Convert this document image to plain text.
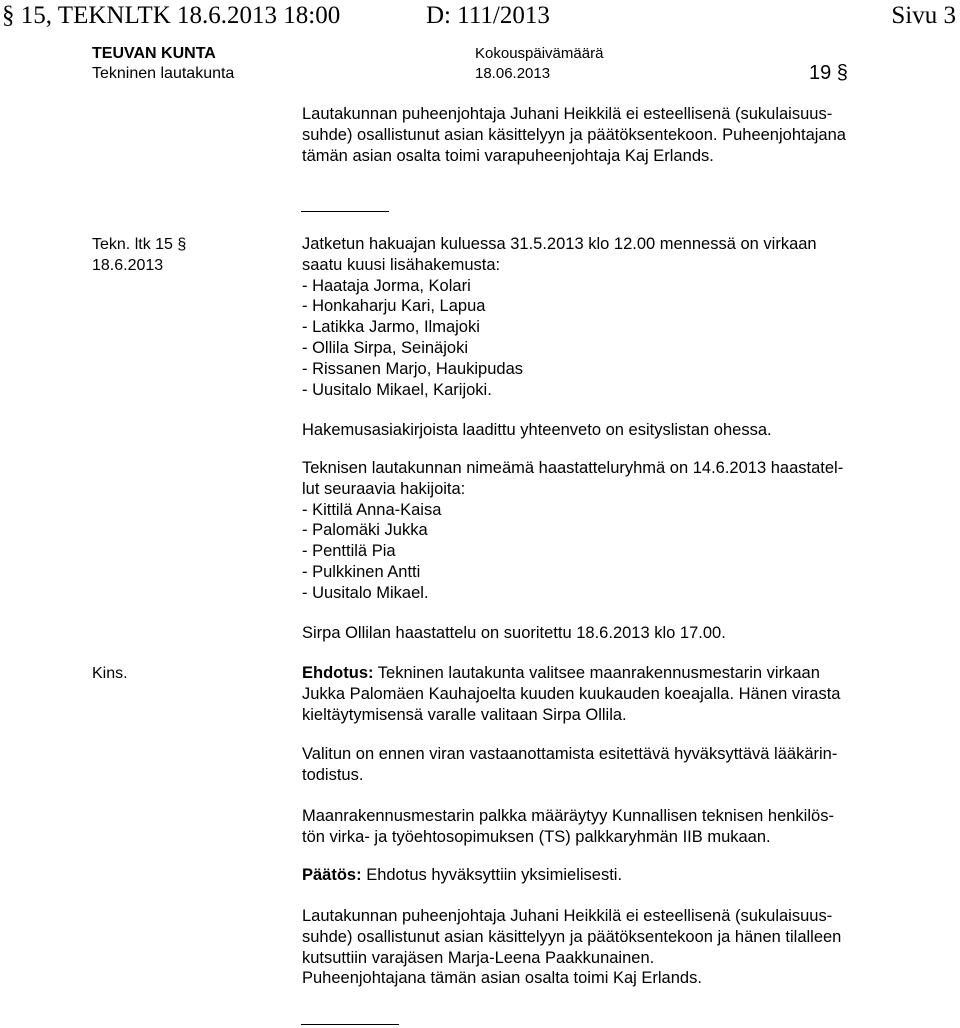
§ 15, TEKNLTK 18.6.2013 18:00	D: 111/2013	Sivu 3
TEUVAN KUNTA
Tekninen lautakunta
Kokouspäivämäärä
18.06.2013	19 §

Lautakunnan puheenjohtaja Juhani Heikkilä ei esteellisenä (sukulaisuus-

suhde) osallistunut asian käsittelyyn ja päätöksentekoon. Puheenjohtajana

tämän asian osalta toimi varapuheenjohtaja Kaj Erlands.

Tekn. ltk 15 §
18.6.2013
Kins.

Jatketun hakuajan kuluessa 31.5.2013 klo 12.00 mennessä on virkaan

saatu kuusi lisähakemusta:

- Haataja Jorma, Kolari

- Honkaharju Kari, Lapua

- Latikka Jarmo, Ilmajoki

- Ollila Sirpa, Seinäjoki

- Rissanen Marjo, Haukipudas

- Uusitalo Mikael, Karijoki.

Hakemusasiakirjoista laadittu yhteenveto on esityslistan ohessa.

Teknisen lautakunnan nimeämä haastatteluryhmä on 14.6.2013 haastatel-

lut seuraavia hakijoita:

- Kittilä Anna-Kaisa

- Palomäki Jukka

- Penttilä Pia

- Pulkkinen Antti

- Uusitalo Mikael.

Sirpa Ollilan haastattelu on suoritettu 18.6.2013 klo 17.00.

Ehdotus: Tekninen lautakunta valitsee maanrakennusmestarin virkaan

Jukka Palomäen Kauhajoelta kuuden kuukauden koeajalla. Hänen virasta

kieltäytymisensä varalle valitaan Sirpa Ollila.

Valitun on ennen viran vastaanottamista esitettävä hyväksyttävä lääkärin-

todistus.

Maanrakennusmestarin palkka määräytyy Kunnallisen teknisen henkilös-

tön virka- ja työehtosopimuksen (TS) palkkaryhmän IIB mukaan.

Päätös: Ehdotus hyväksyttiin yksimielisesti.

Lautakunnan puheenjohtaja Juhani Heikkilä ei esteellisenä (sukulaisuus-

suhde) osallistunut asian käsittelyyn ja päätöksentekoon ja hänen tilalleen

kutsuttiin varajäsen Marja-Leena Paakkunainen.

Puheenjohtajana tämän asian osalta toimi Kaj Erlands.
